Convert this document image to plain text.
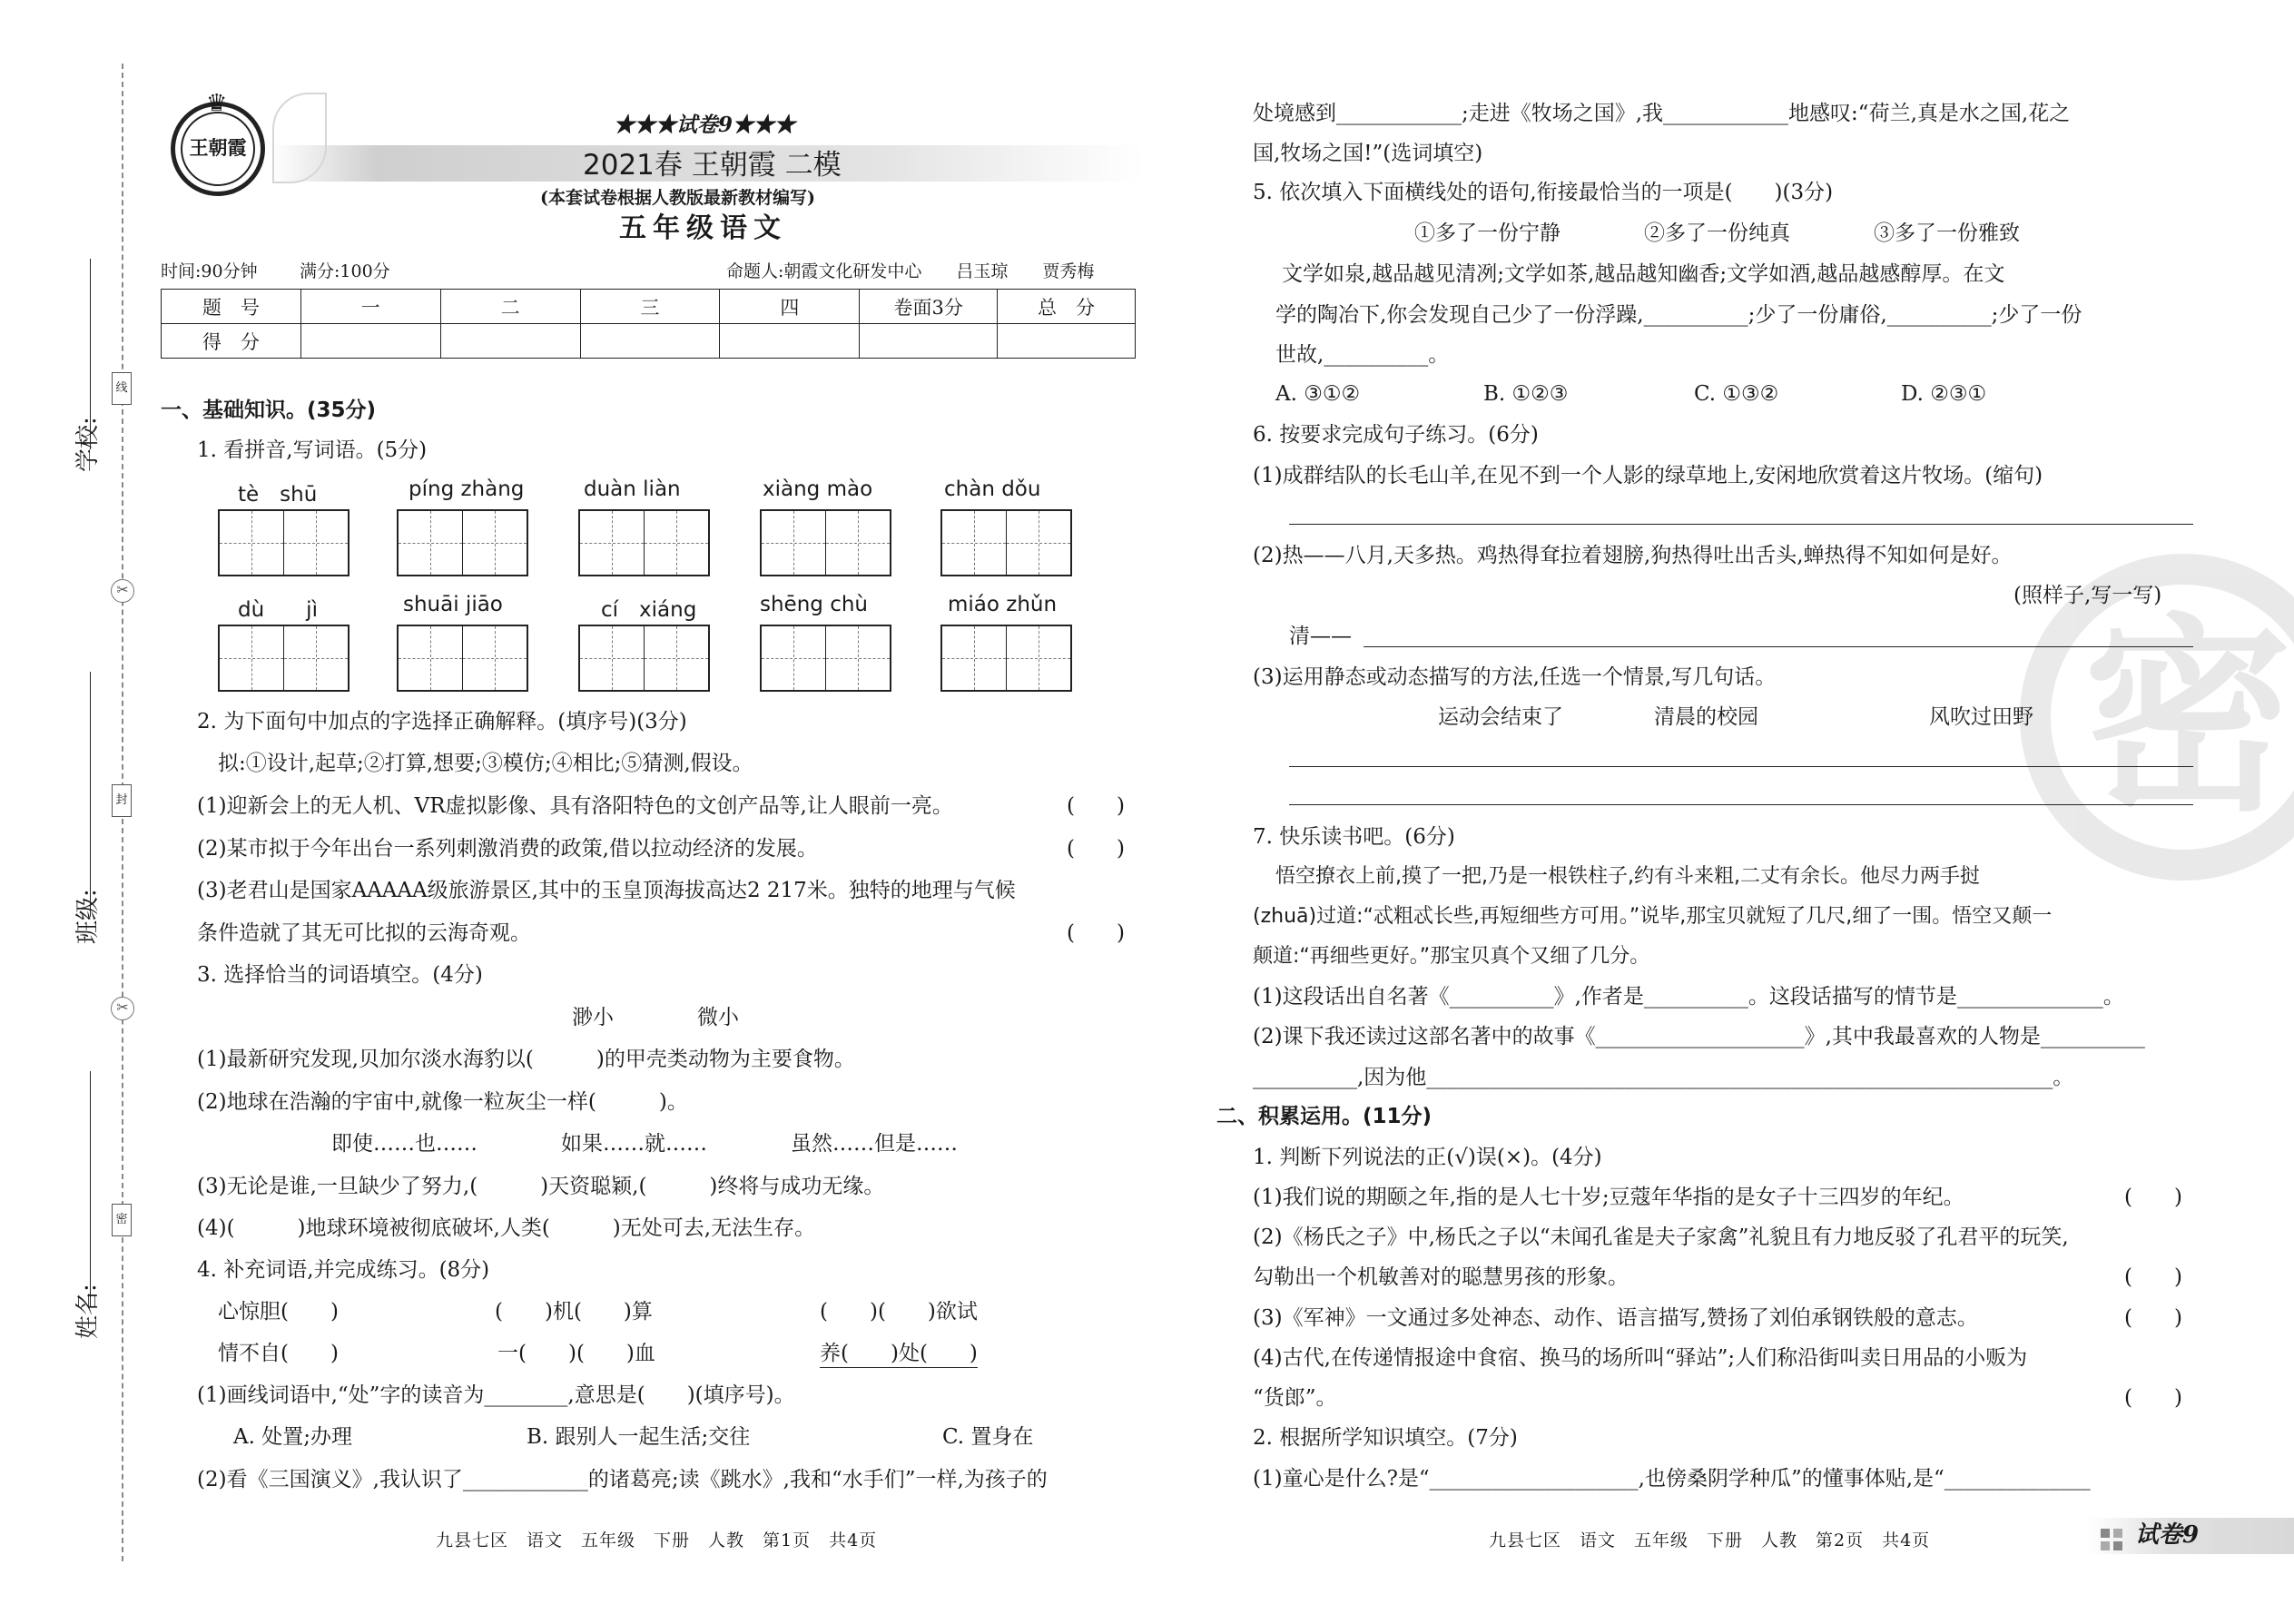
学校:
班级:
姓名:
线
封
密
✂
✂
王朝霞
♛
★★★试卷9★★★
2021春 王朝霞 二模
(本套试卷根据人教版最新教材编写)
五年级语文
时间:90分钟 满分:100分	命题人:朝霞文化研发中心　　吕玉琼　　贾秀梅
题　号	一	二	三	四	卷面3分	总　分
得　分						
一、基础知识。(35分)
1. 看拼音,写词语。(5分)
tè　shū	píng zhàng	duàn liàn	xiàng mào	chàn dǒu
dù　　jì	shuāi jiāo	cí　xiáng	shēng chù	miáo zhǔn
2. 为下面句中加点的字选择正确解释。(填序号)(3分)
拟:①设计,起草;②打算,想要;③模仿;④相比;⑤猜测,假设。
(1)迎新会上的无人机、VR虚拟影像、具有洛阳特色的文创产品等,让人眼前一亮。	(　　)
(2)某市拟于今年出台一系列刺激消费的政策,借以拉动经济的发展。	(　　)
(3)老君山是国家AAAAA级旅游景区,其中的玉皇顶海拔高达2 217米。独特的地理与气候
条件造就了其无可比拟的云海奇观。	(　　)
3. 选择恰当的词语填空。(4分)
渺小　　　　微小
(1)最新研究发现,贝加尔淡水海豹以(　　　)的甲壳类动物为主要食物。
(2)地球在浩瀚的宇宙中,就像一粒灰尘一样(　　　)。
即使……也……　　　　如果……就……　　　　虽然……但是……
(3)无论是谁,一旦缺少了努力,(　　　)天资聪颖,(　　　)终将与成功无缘。
(4)(　　　)地球环境被彻底破坏,人类(　　　)无处可去,无法生存。
4. 补充词语,并完成练习。(8分)
心惊胆(　　)	(　　)机(　　)算	(　　)(　　)欲试
情不自(　　)	一(　　)(　　)血	养(　　)处(　　)
(1)画线词语中,“处”字的读音为________,意思是(　　)(填序号)。
A. 处置;办理	B. 跟别人一起生活;交往	C. 置身在
(2)看《三国演义》,我认识了____________的诸葛亮;读《跳水》,我和“水手们”一样,为孩子的
九县七区　语文　五年级　下册　人教　第1页　共4页
密
处境感到____________;走进《牧场之国》,我____________地感叹:“荷兰,真是水之国,花之
国,牧场之国!”(选词填空)
5. 依次填入下面横线处的语句,衔接最恰当的一项是(　　)(3分)
①多了一份宁静　　　　②多了一份纯真　　　　③多了一份雅致
文学如泉,越品越见清冽;文学如茶,越品越知幽香;文学如酒,越品越感醇厚。在文
学的陶冶下,你会发现自己少了一份浮躁,__________;少了一份庸俗,__________;少了一份
世故,__________。
A. ③①②	B. ①②③	C. ①③②	D. ②③①
6. 按要求完成句子练习。(6分)
(1)成群结队的长毛山羊,在见不到一个人影的绿草地上,安闲地欣赏着这片牧场。(缩句)
(2)热——八月,天多热。鸡热得耷拉着翅膀,狗热得吐出舌头,蝉热得不知如何是好。
(照样子,写一写)
清——
(3)运用静态或动态描写的方法,任选一个情景,写几句话。
运动会结束了	清晨的校园	风吹过田野
7. 快乐读书吧。(6分)
悟空撩衣上前,摸了一把,乃是一根铁柱子,约有斗来粗,二丈有余长。他尽力两手挝
(zhuā)过道:“忒粗忒长些,再短细些方可用。”说毕,那宝贝就短了几尺,细了一围。悟空又颠一
颠道:“再细些更好。”那宝贝真个又细了几分。
(1)这段话出自名著《__________》,作者是__________。这段话描写的情节是______________。
(2)课下我还读过这部名著中的故事《____________________》,其中我最喜欢的人物是__________
__________,因为他____________________________________________________________。
二、积累运用。(11分)
1. 判断下列说法的正(√)误(×)。(4分)
(1)我们说的期颐之年,指的是人七十岁;豆蔻年华指的是女子十三四岁的年纪。	(　　)
(2)《杨氏之子》中,杨氏之子以“未闻孔雀是夫子家禽”礼貌且有力地反驳了孔君平的玩笑,
勾勒出一个机敏善对的聪慧男孩的形象。	(　　)
(3)《军神》一文通过多处神态、动作、语言描写,赞扬了刘伯承钢铁般的意志。	(　　)
(4)古代,在传递情报途中食宿、换马的场所叫“驿站”;人们称沿街叫卖日用品的小贩为
“货郎”。	(　　)
2. 根据所学知识填空。(7分)
(1)童心是什么?是“____________________,也傍桑阴学种瓜”的懂事体贴,是“______________
九县七区　语文　五年级　下册　人教　第2页　共4页	试卷9
